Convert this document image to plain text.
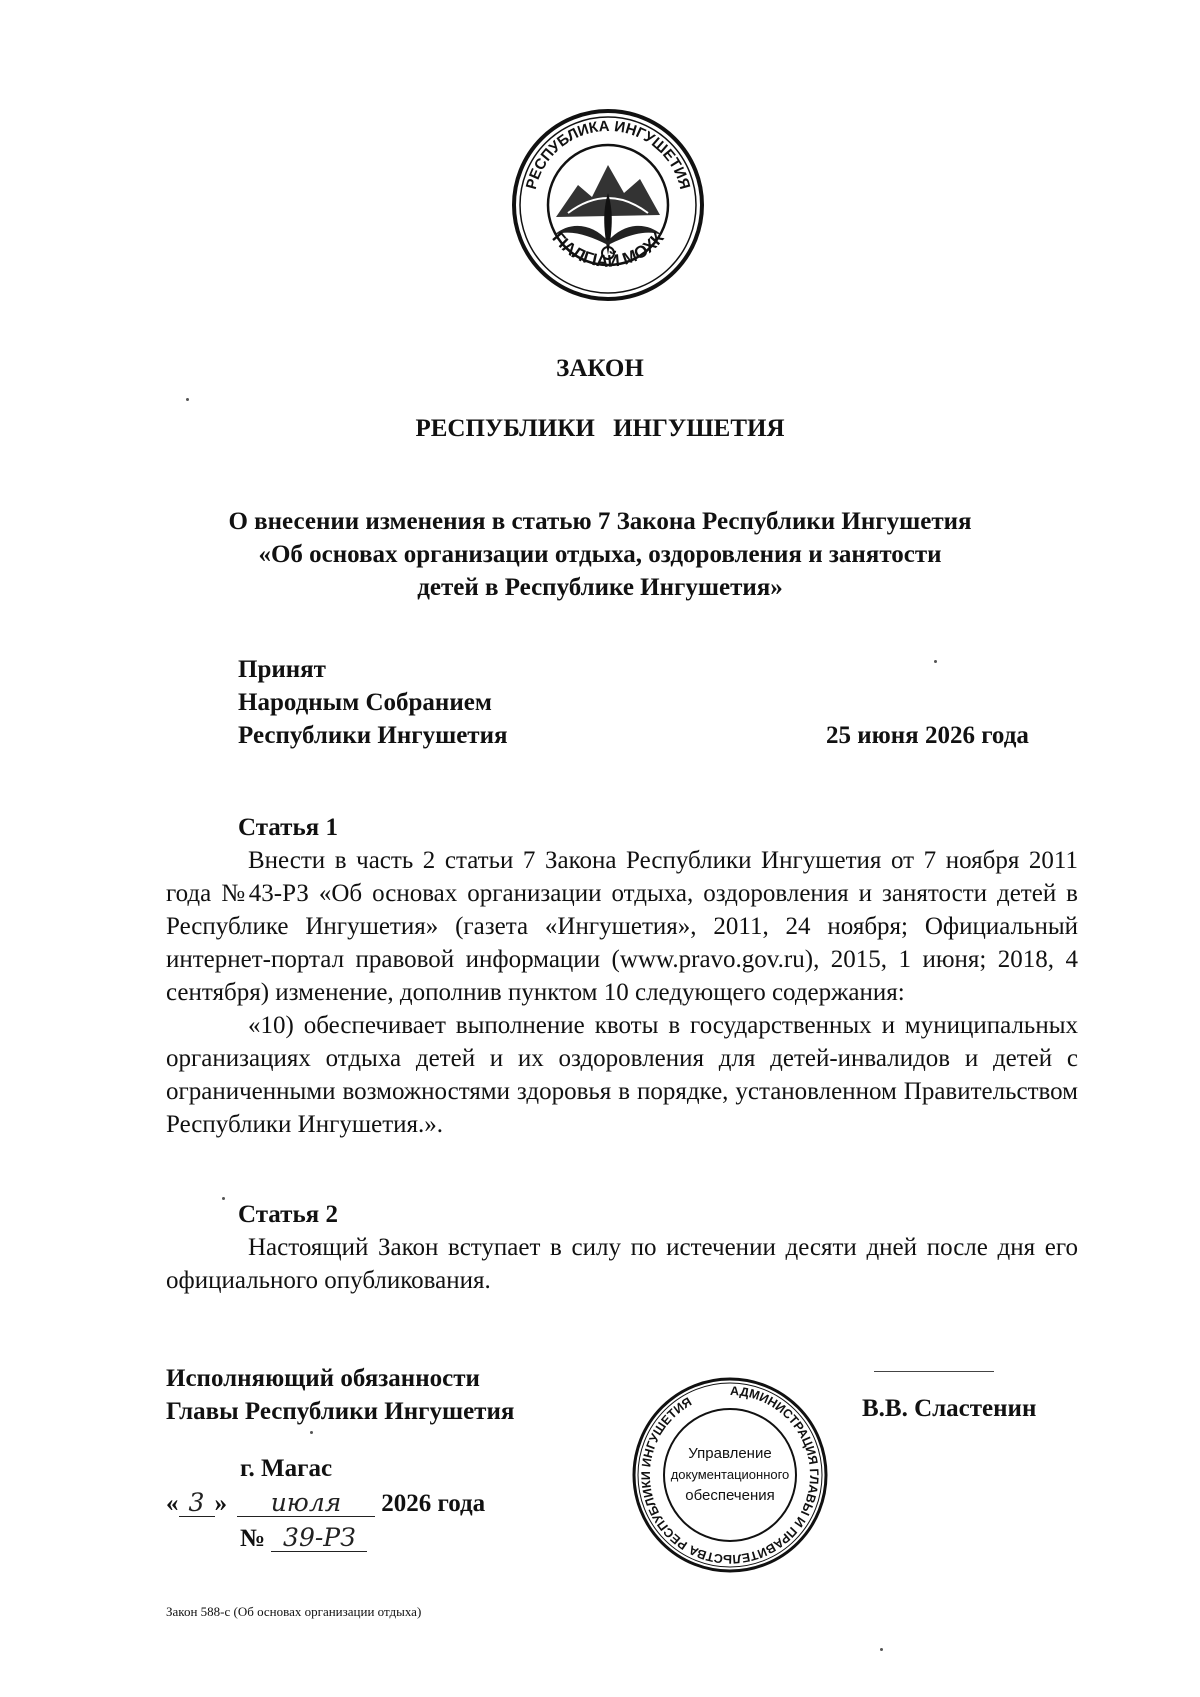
РЕСПУБЛИКА ИНГУШЕТИЯ
ГІАЛГІАЙ МОХК
ЗАКОН
РЕСПУБЛИКИ ИНГУШЕТИЯ
О внесении изменения в статью 7 Закона Республики Ингушетия
«Об основах организации отдыха, оздоровления и занятости
детей в Республике Ингушетия»
Принят
Народным Собранием
Республики Ингушетия	25 июня 2026 года
Статья 1
Внести в часть 2 статьи 7 Закона Республики Ингушетия от 7 ноября 2011 года №43-РЗ «Об основах организации отдыха, оздоровления и занятости детей в Республике Ингушетия» (газета «Ингушетия», 2011, 24 ноября; Официальный интернет-портал правовой информации (www.pravo.gov.ru), 2015, 1 июня; 2018, 4 сентября) изменение, дополнив пунктом 10 следующего содержания:
«10) обеспечивает выполнение квоты в государственных и муниципальных организациях отдыха детей и их оздоровления для детей-инвалидов и детей с ограниченными возможностями здоровья в порядке, установленном Правительством Республики Ингушетия.».
Статья 2
Настоящий Закон вступает в силу по истечении десяти дней после дня его официального опубликования.
Исполняющий обязанности
Главы Республики Ингушетия	В.В. Сластенин
АДМИНИСТРАЦИЯ ГЛАВЫ И ПРАВИТЕЛЬСТВА РЕСПУБЛИКИ ИНГУШЕТИЯ
Управление
документационного
обеспечения
г. Магас
« 3 » июля 2026 года
№ 39-РЗ
Закон 588-с (Об основах организации отдыха)
